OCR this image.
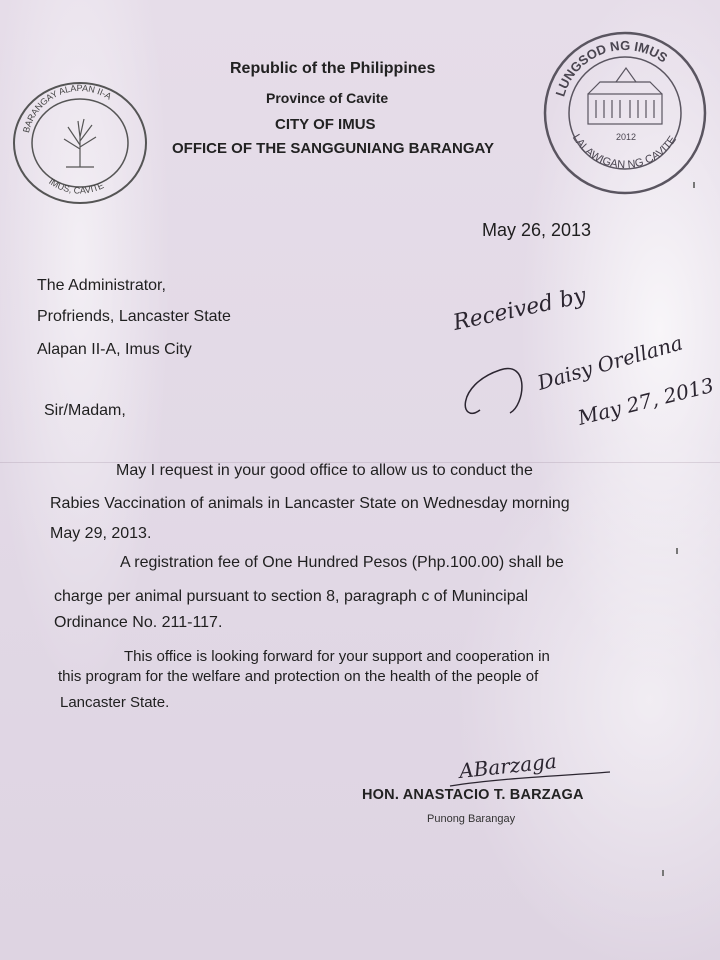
BARANGAY ALAPAN II-A
IMUS, CAVITE
Republic of the Philippines
Province of Cavite
CITY OF IMUS
OFFICE OF THE SANGGUNIANG BARANGAY
LUNGSOD NG IMUS
LALAWIGAN NG CAVITE
2012
May 26, 2013
The Administrator,
Profriends, Lancaster State
Alapan II-A, Imus City
Received by
Daisy Orellana
May 27, 2013
Sir/Madam,
May I request in your good office to allow us to conduct the
Rabies Vaccination of animals in Lancaster State on Wednesday morning
May 29, 2013.
A registration fee of One Hundred Pesos (Php.100.00) shall be
charge per animal pursuant to section 8, paragraph c of Munincipal
Ordinance No. 211-117.
This office is looking forward for your support and cooperation in
this program for the welfare and protection on the health of the people of
Lancaster State.
ABarzaga
HON. ANASTACIO T. BARZAGA
Punong Barangay
